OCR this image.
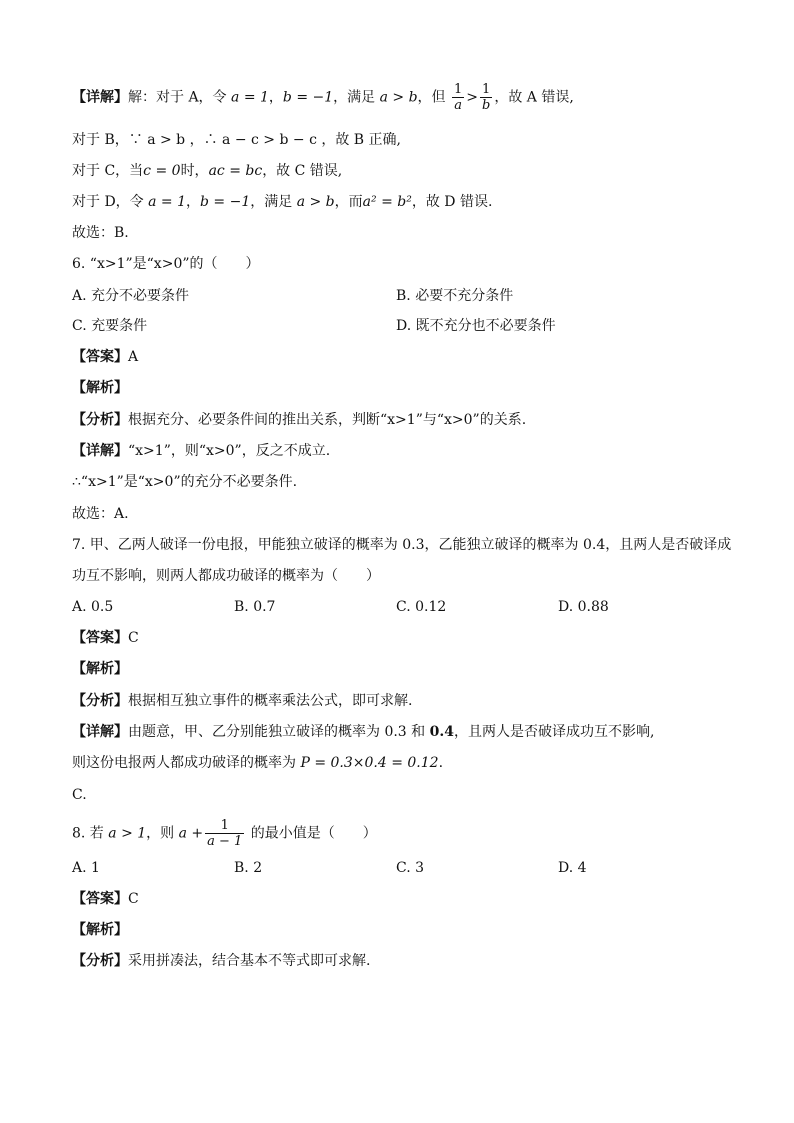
【详解】解：对于 A，令 a = 1，b = −1，满足 a > b，但 $\frac{1}{a} > \frac{1}{b}$ ，故 A 错误,
对于 B，∵ a > b ，∴ a − c > b − c ，故 B 正确,
对于 C，当c = 0时，ac = bc，故 C 错误,
对于 D，令 a = 1，b = −1，满足 a > b，而a² = b²，故 D 错误.
故选：B.
6. “x>1”是“x>0”的（　　）
A. 充分不必要条件	B. 必要不充分条件
C. 充要条件	D. 既不充分也不必要条件
【答案】A
【解析】
【分析】根据充分、必要条件间的推出关系，判断“x>1”与“x>0”的关系.
【详解】“x>1”，则“x>0”，反之不成立.
∴“x>1”是“x>0”的充分不必要条件.
故选：A.
7. 甲、乙两人破译一份电报，甲能独立破译的概率为 0.3，乙能独立破译的概率为 0.4，且两人是否破译成
功互不影响，则两人都成功破译的概率为（　　）
A. 0.5	B. 0.7	C. 0.12	D. 0.88
【答案】C
【解析】
【分析】根据相互独立事件的概率乘法公式，即可求解.
【详解】由题意，甲、乙分别能独立破译的概率为 0.3 和 0.4，且两人是否破译成功互不影响,
则这份电报两人都成功破译的概率为 P = 0.3×0.4 = 0.12.
C.
8. 若 a > 1，则 $a + \frac{1}{a - 1}$ 的最小值是（　　）
A. 1	B. 2	C. 3	D. 4
【答案】C
【解析】
【分析】采用拼凑法，结合基本不等式即可求解.
